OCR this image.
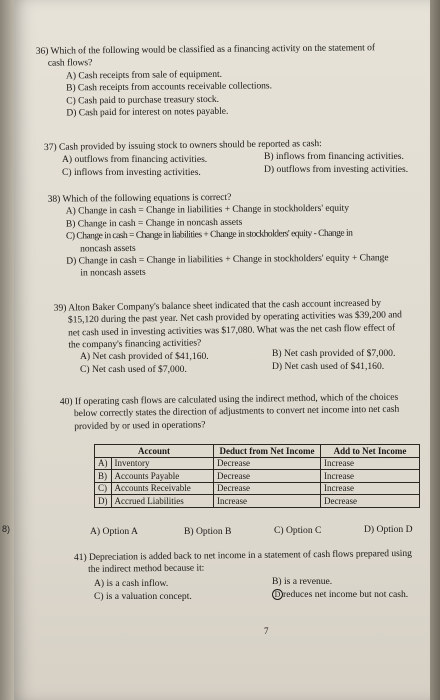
36) Which of the following would be classified as a financing activity on the statement of
cash flows?
A) Cash receipts from sale of equipment.
B) Cash receipts from accounts receivable collections.
C) Cash paid to purchase treasury stock.
D) Cash paid for interest on notes payable.
37) Cash provided by issuing stock to owners should be reported as cash:
A) outflows from financing activities.	B) inflows from financing activities.
C) inflows from investing activities.	D) outflows from investing activities.
38) Which of the following equations is correct?
A) Change in cash = Change in liabilities + Change in stockholders' equity
B) Change in cash = Change in noncash assets
C) Change in cash = Change in liabilities + Change in stockholders' equity - Change in
noncash assets
D) Change in cash = Change in liabilities + Change in stockholders' equity + Change
in noncash assets
39) Alton Baker Company's balance sheet indicated that the cash account increased by
$15,120 during the past year. Net cash provided by operating activities was $39,200 and
net cash used in investing activities was $17,080. What was the net cash flow effect of
the company's financing activities?
A) Net cash provided of $41,160.	B) Net cash provided of $7,000.
C) Net cash used of $7,000.	D) Net cash used of $41,160.
40) If operating cash flows are calculated using the indirect method, which of the choices
below correctly states the direction of adjustments to convert net income into net cash
provided by or used in operations?
Account		Deduct from Net Income	Add to Net Income
A)	Inventory	Decrease	Increase
B)	Accounts Payable	Decrease	Increase
C)	Accounts Receivable	Decrease	Increase
D)	Accrued Liabilities	Increase	Decrease
A) Option A	B) Option B	C) Option C	D) Option D
41) Depreciation is added back to net income in a statement of cash flows prepared using
the indirect method because it:
A) is a cash inflow.	B) is a revenue.
C) is a valuation concept.	D reduces net income but not cash.
7
8)
